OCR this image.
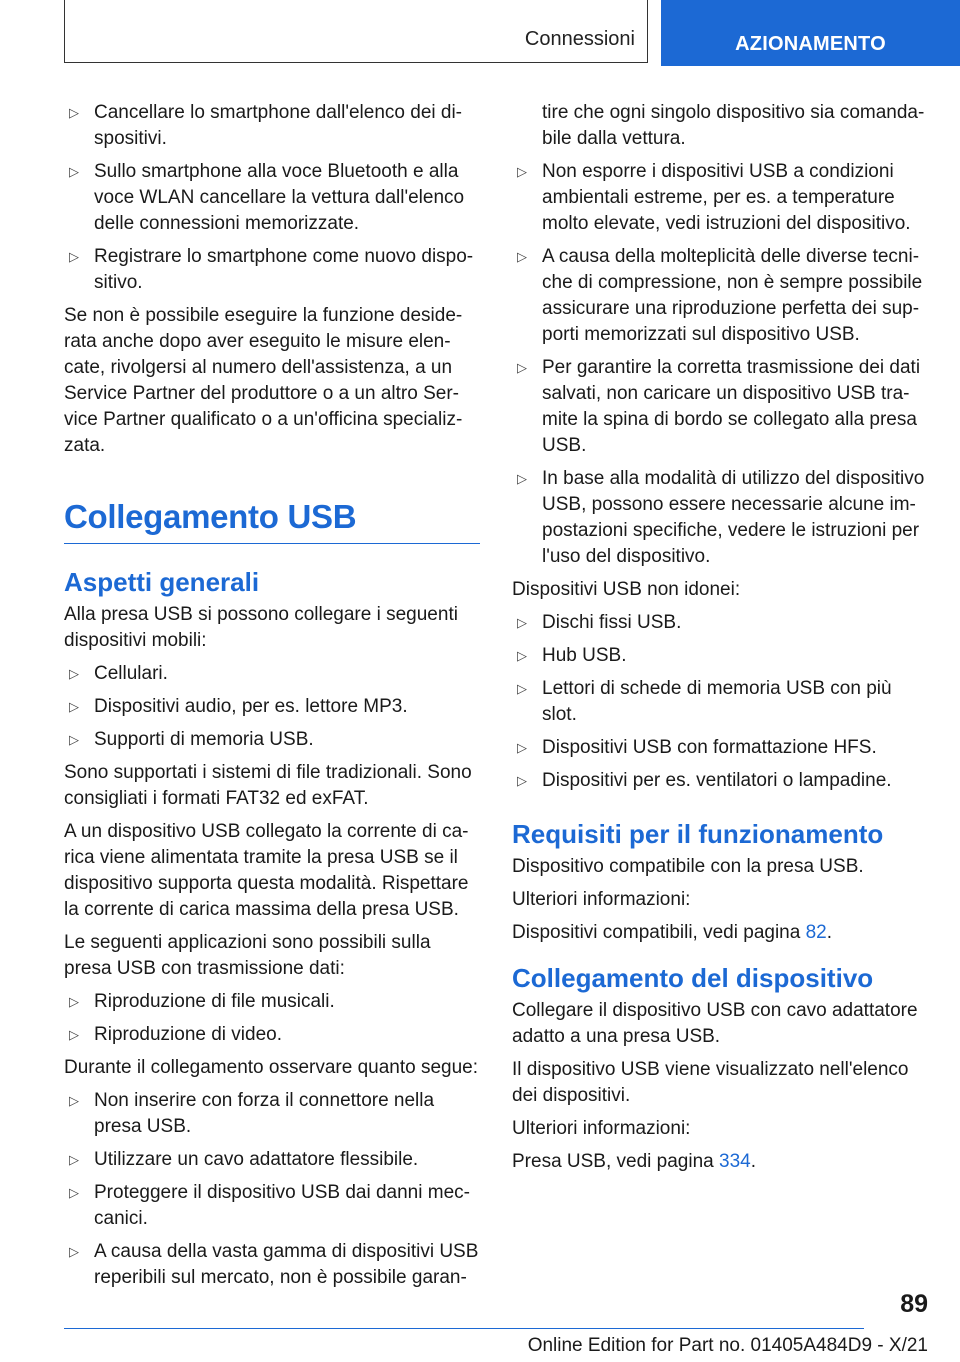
Connessioni	AZIONAMENTO
▷ Cancellare lo smartphone dall'elenco dei di-spositivi.
▷ Sullo smartphone alla voce Bluetooth e alla voce WLAN cancellare la vettura dall'elenco delle connessioni memorizzate.
▷ Registrare lo smartphone come nuovo dispo-sitivo.

Se non è possibile eseguire la funzione deside-rata anche dopo aver eseguito le misure elen-cate, rivolgersi al numero dell'assistenza, a un Service Partner del produttore o a un altro Ser-vice Partner qualificato o a un'officina specializ-zata.

Collegamento USB
Aspetti generali

Alla presa USB si possono collegare i seguenti dispositivi mobili:

▷ Cellulari.
▷ Dispositivi audio, per es. lettore MP3.
▷ Supporti di memoria USB.

Sono supportati i sistemi di file tradizionali. Sono consigliati i formati FAT32 ed exFAT.

A un dispositivo USB collegato la corrente di ca-rica viene alimentata tramite la presa USB se il dispositivo supporta questa modalità. Rispettare la corrente di carica massima della presa USB.

Le seguenti applicazioni sono possibili sulla presa USB con trasmissione dati:

▷ Riproduzione di file musicali.
▷ Riproduzione di video.

Durante il collegamento osservare quanto segue:

▷ Non inserire con forza il connettore nella presa USB.
▷ Utilizzare un cavo adattatore flessibile.
▷ Proteggere il dispositivo USB dai danni mec-canici.
▷ A causa della vasta gamma di dispositivi USB reperibili sul mercato, non è possibile garan-
tire che ogni singolo dispositivo sia comanda-bile dalla vettura.
▷ Non esporre i dispositivi USB a condizioni ambientali estreme, per es. a temperature molto elevate, vedi istruzioni del dispositivo.
▷ A causa della molteplicità delle diverse tecni-che di compressione, non è sempre possibile assicurare una riproduzione perfetta dei sup-porti memorizzati sul dispositivo USB.
▷ Per garantire la corretta trasmissione dei dati salvati, non caricare un dispositivo USB tra-mite la spina di bordo se collegato alla presa USB.
▷ In base alla modalità di utilizzo del dispositivo USB, possono essere necessarie alcune im-postazioni specifiche, vedere le istruzioni per l'uso del dispositivo.

Dispositivi USB non idonei:

▷ Dischi fissi USB.
▷ Hub USB.
▷ Lettori di schede di memoria USB con più slot.
▷ Dispositivi USB con formattazione HFS.
▷ Dispositivi per es. ventilatori o lampadine.
Requisiti per il funzionamento

Dispositivo compatibile con la presa USB.

Ulteriori informazioni:

Dispositivi compatibili, vedi pagina 82.

Collegamento del dispositivo

Collegare il dispositivo USB con cavo adattatore adatto a una presa USB.

Il dispositivo USB viene visualizzato nell'elenco dei dispositivi.

Ulteriori informazioni:

Presa USB, vedi pagina 334.

89
Online Edition for Part no. 01405A484D9 - X/21
